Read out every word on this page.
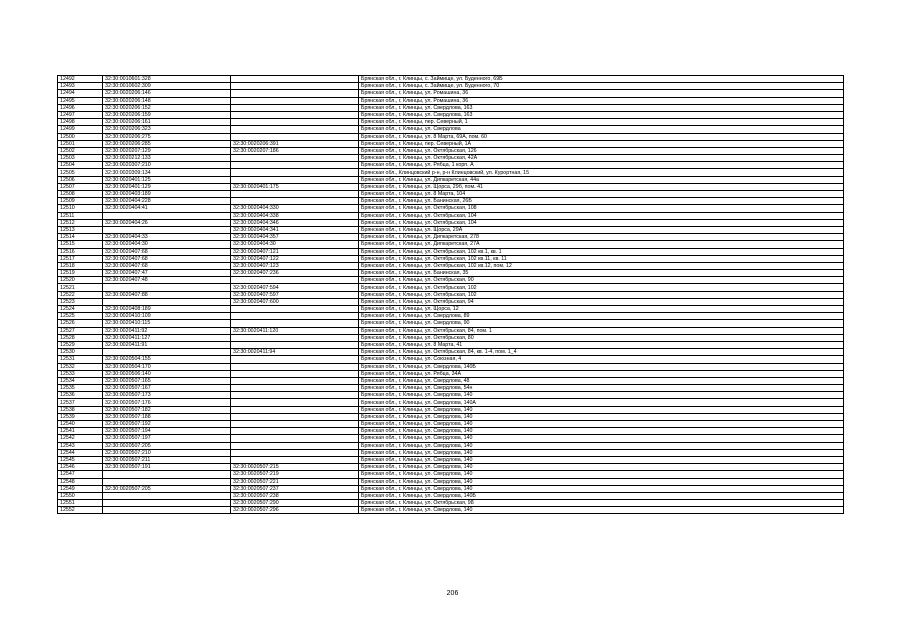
12492	32:30:0010601:328		Брянская обл., г. Клинцы, с. Займище, ул. Буденного, 69Б
12493	32:30:0010602:309		Брянская обл., г. Клинцы, с. Займище, ул. Буденного, 70
12494	32:30:0020206:146		Брянская обл., г. Клинцы, ул. Ромашина, 36
12495	32:30:0020206:148		Брянская обл., г. Клинцы, ул. Ромашина, 36
12496	32:30:0020206:152		Брянская обл., г. Клинцы, ул. Свердлова, 163
12497	32:30:0020206:159		Брянская обл., г. Клинцы, ул. Свердлова, 163
12498	32:30:0020206:161		Брянская обл., г. Клинцы, пер. Северный, 1
12499	32:30:0020206:323		Брянская обл., г. Клинцы, ул. Свердлова
12500	32:30:0020206:275		Брянская обл., г. Клинцы, ул. 8 Марта, 69А, пом. 60
12501	32:30:0020206:285	32:30:0020206:391	Брянская обл., г. Клинцы, пер. Северный, 1А
12502	32:30:0020207:129	32:30:0020207:186	Брянская обл., г. Клинцы, ул. Октябрьская, 126
12503	32:30:0020212:133		Брянская обл., г. Клинцы, ул. Октябрьская, 42А
12504	32:30:0020307:210		Брянская обл., г. Клинцы, ул. Рябца, 1 корп. А
12505	32:30:0020309:134		Брянская обл., Клинцовский р-н, р-н Клинцовский, ул. Курортная, 15
12506	32:30:0020401:125		Брянская обл., г. Клинцы, ул. Дипкаретская, 44а
12507	32:30:0020401:129	32:30:0020401:175	Брянская обл., г. Клинцы, ул. Щорса, 29б, пом. 41
12508	32:30:0020403:189		Брянская обл., г. Клинцы, ул. 8 Марта, 104
12509	32:30:0020404:228		Брянская обл., г. Клинцы, ул. Банинская, 26Б
12510	32:30:0020404:41	32:30:0020404:330	Брянская обл., г. Клинцы, ул. Октябрьская, 108
12511		32:30:0020404:338	Брянская обл., г. Клинцы, ул. Октябрьская, 104
12512	32:30:0020404:26	32:30:0020404:346	Брянская обл., г. Клинцы, ул. Октябрьская, 104
12513		32:30:0020404:341	Брянская обл., г. Клинцы, ул. Щорса, 29А
12514	32:30:0020404:33	32:30:0020404:357	Брянская обл., г. Клинцы, ул. Дипкаретская, 278
12515	32:30:0020404:30	32:30:0020404:30	Брянская обл., г. Клинцы, ул. Дипкаретская, 27А
12516	32:30:0020407:68	32:30:0020407:121	Брянская обл., г. Клинцы, ул. Октябрьская, 102 кв.1, кв. 1
12517	32:30:0020407:68	32:30:0020407:122	Брянская обл., г. Клинцы, ул. Октябрьская, 102 кв.11, кв. 11
12518	32:30:0020407:68	32:30:0020407:123	Брянская обл., г. Клинцы, ул. Октябрьская, 102 кв.12, пом. 12
12519	32:30:0020407:47	32:30:0020407:236	Брянская обл., г. Клинцы, ул. Банинская, 35
12520	32:30:0020407:48		Брянская обл., г. Клинцы, ул. Октябрьская, 90
12521		32:30:0020407:594	Брянская обл., г. Клинцы, ул. Октябрьская, 102
12522	32:30:0020407:88	32:30:0020407:597	Брянская обл., г. Клинцы, ул. Октябрьская, 102
12523		32:30:0020407:600	Брянская обл., г. Клинцы, ул. Октябрьская, 94
12524	32:30:0020408:189		Брянская обл., г. Клинцы, ул. Щорса, 12
12525	32:30:0020410:109		Брянская обл., г. Клинцы, ул. Свердлова, 89
12526	32:30:0020410:115		Брянская обл., г. Клинцы, ул. Свердлова, 90
12527	32:30:0020411:92	32:30:0020411:120	Брянская обл., г. Клинцы, ул. Октябрьская, 84, пом. 1
12528	32:30:0020411:127		Брянская обл., г. Клинцы, ул. Октябрьская, 80
12529	32:30:0020411:91		Брянская обл., г. Клинцы, ул. 8 Марта, 41
12530		32:30:0020411:94	Брянская обл., г. Клинцы, ул. Октябрьская, 84, кв. 1-4, пом. 1_4
12531	32:30:0020504:155		Брянская обл., г. Клинцы, ул. Союзная, 4
12532	32:30:0020504:170		Брянская обл., г. Клинцы, ул. Свердлова, 140Б
12533	32:30:0020506:140		Брянская обл., г. Клинцы, ул. Рябца, 34А
12534	32:30:0020507:165		Брянская обл., г. Клинцы, ул. Свердлова, 48
12535	32:30:0020507:167		Брянская обл., г. Клинцы, ул. Свердлова, 54н
12536	32:30:0020507:173		Брянская обл., г. Клинцы, ул. Свердлова, 140
12537	32:30:0020507:176		Брянская обл., г. Клинцы, ул. Свердлова, 140А
12538	32:30:0020507:182		Брянская обл., г. Клинцы, ул. Свердлова, 140
12539	32:30:0020507:188		Брянская обл., г. Клинцы, ул. Свердлова, 140
12540	32:30:0020507:192		Брянская обл., г. Клинцы, ул. Свердлова, 140
12541	32:30:0020507:194		Брянская обл., г. Клинцы, ул. Свердлова, 140
12542	32:30:0020507:197		Брянская обл., г. Клинцы, ул. Свердлова, 140
12543	32:30:0020507:205		Брянская обл., г. Клинцы, ул. Свердлова, 140
12544	32:30:0020507:210		Брянская обл., г. Клинцы, ул. Свердлова, 140
12545	32:30:0020507:211		Брянская обл., г. Клинцы, ул. Свердлова, 140
12546	32:30:0020507:191	32:30:0020507:215	Брянская обл., г. Клинцы, ул. Свердлова, 140
12547		32:30:0020507:219	Брянская обл., г. Клинцы, ул. Свердлова, 140
12548		32:30:0020507:221	Брянская обл., г. Клинцы, ул. Свердлова, 140
12549	32:30:0020507:205	32:30:0020507:237	Брянская обл., г. Клинцы, ул. Свердлова, 140
12550		32:30:0020507:238	Брянская обл., г. Клинцы, ул. Свердлова, 140Б
12551		32:30:0020507:290	Брянская обл., г. Клинцы, ул. Октябрьская, 98
12552		32:30:0020507:296	Брянская обл., г. Клинцы, ул. Свердлова, 140
206
